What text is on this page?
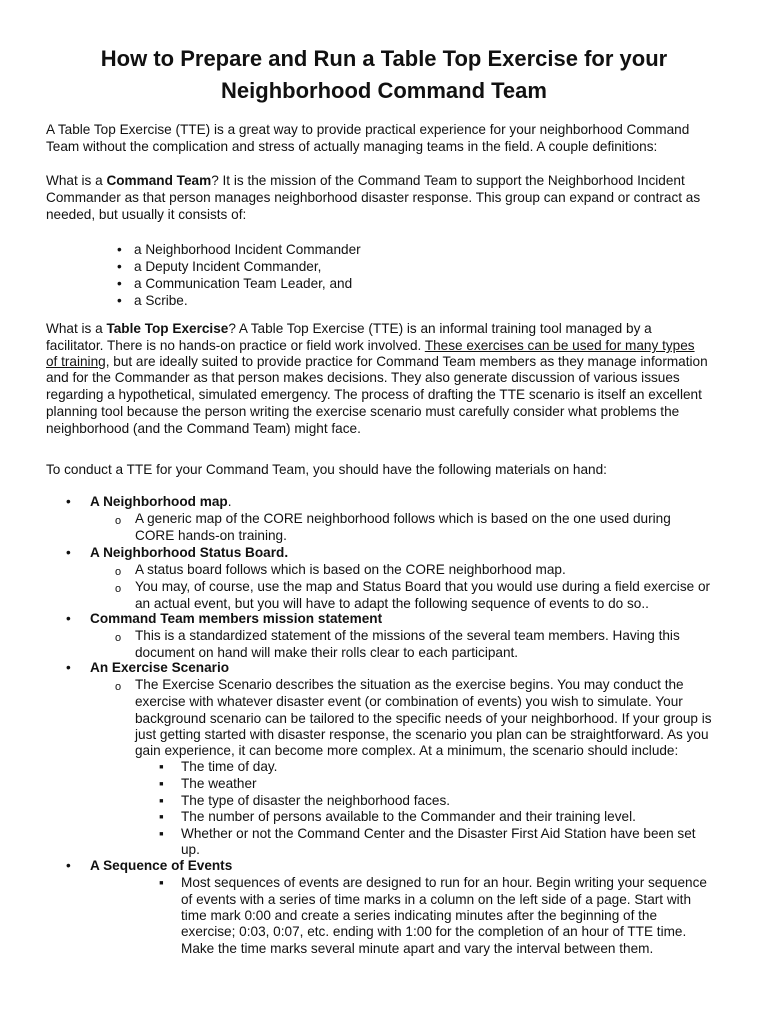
How to Prepare and Run a Table Top Exercise for your
Neighborhood Command Team
A Table Top Exercise (TTE) is a great way to provide practical experience for your neighborhood Command
Team without the complication and stress of actually managing teams in the field. A couple definitions:
What is a Command Team? It is the mission of the Command Team to support the Neighborhood Incident
Commander as that person manages neighborhood disaster response. This group can expand or contract as
needed, but usually it consists of:
•
a Neighborhood Incident Commander
•
a Deputy Incident Commander,
•
a Communication Team Leader, and
•
a Scribe.
What is a Table Top Exercise? A Table Top Exercise (TTE) is an informal training tool managed by a
facilitator. There is no hands-on practice or field work involved. These exercises can be used for many types
of training, but are ideally suited to provide practice for Command Team members as they manage information
and for the Commander as that person makes decisions. They also generate discussion of various issues
regarding a hypothetical, simulated emergency. The process of drafting the TTE scenario is itself an excellent
planning tool because the person writing the exercise scenario must carefully consider what problems the
neighborhood (and the Command Team) might face.
To conduct a TTE for your Command Team, you should have the following materials on hand:
•
A Neighborhood map.
o
A generic map of the CORE neighborhood follows which is based on the one used during
CORE hands-on training.
•
A Neighborhood Status Board.
o
A status board follows which is based on the CORE neighborhood map.
o
You may, of course, use the map and Status Board that you would use during a field exercise or
an actual event, but you will have to adapt the following sequence of events to do so..
•
Command Team members mission statement
o
This is a standardized statement of the missions of the several team members. Having this
document on hand will make their rolls clear to each participant.
•
An Exercise Scenario
o
The Exercise Scenario describes the situation as the exercise begins. You may conduct the
exercise with whatever disaster event (or combination of events) you wish to simulate. Your
background scenario can be tailored to the specific needs of your neighborhood. If your group is
just getting started with disaster response, the scenario you plan can be straightforward. As you
gain experience, it can become more complex. At a minimum, the scenario should include:
▪
The time of day.
▪
The weather
▪
The type of disaster the neighborhood faces.
▪
The number of persons available to the Commander and their training level.
▪
Whether or not the Command Center and the Disaster First Aid Station have been set
up.
•
A Sequence of Events
▪
Most sequences of events are designed to run for an hour. Begin writing your sequence
of events with a series of time marks in a column on the left side of a page. Start with
time mark 0:00 and create a series indicating minutes after the beginning of the
exercise; 0:03, 0:07, etc. ending with 1:00 for the completion of an hour of TTE time.
Make the time marks several minute apart and vary the interval between them.
